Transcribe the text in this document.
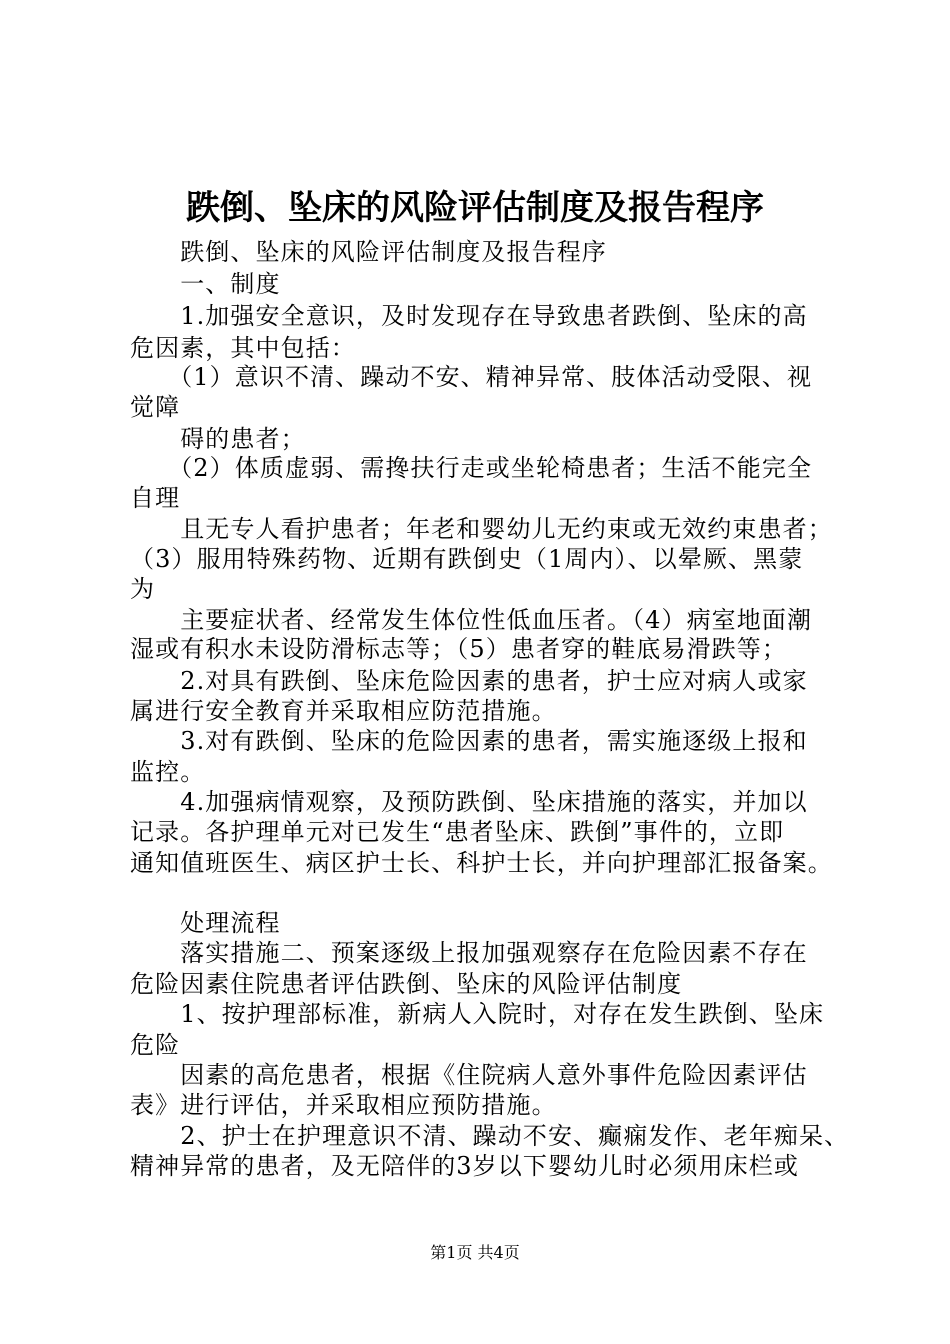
跌倒、坠床的风险评估制度及报告程序
　　跌倒、坠床的风险评估制度及报告程序
　　一、制度
　　1.加强安全意识，及时发现存在导致患者跌倒、坠床的高
危因素，其中包括：
　　（1）意识不清、躁动不安、精神异常、肢体活动受限、视
觉障
　　碍的患者；
　　（2）体质虚弱、需搀扶行走或坐轮椅患者；生活不能完全
自理
　　且无专人看护患者；年老和婴幼儿无约束或无效约束患者；
（3）服用特殊药物、近期有跌倒史（1周内）、以晕厥、黑蒙
为
　　主要症状者、经常发生体位性低血压者。（4）病室地面潮
湿或有积水未设防滑标志等；（5）患者穿的鞋底易滑跌等；
　　2.对具有跌倒、坠床危险因素的患者，护士应对病人或家
属进行安全教育并采取相应防范措施。
　　3.对有跌倒、坠床的危险因素的患者，需实施逐级上报和
监控。
　　4.加强病情观察，及预防跌倒、坠床措施的落实，并加以
记录。各护理单元对已发生“患者坠床、跌倒”事件的，立即
通知值班医生、病区护士长、科护士长，并向护理部汇报备案。
　　处理流程
　　落实措施二、预案逐级上报加强观察存在危险因素不存在
危险因素住院患者评估跌倒、坠床的风险评估制度
　　1、按护理部标准，新病人入院时，对存在发生跌倒、坠床
危险
　　因素的高危患者，根据《住院病人意外事件危险因素评估
表》进行评估，并采取相应预防措施。
　　2、护士在护理意识不清、躁动不安、癫痫发作、老年痴呆、
精神异常的患者，及无陪伴的3岁以下婴幼儿时必须用床栏或
第1页 共4页
